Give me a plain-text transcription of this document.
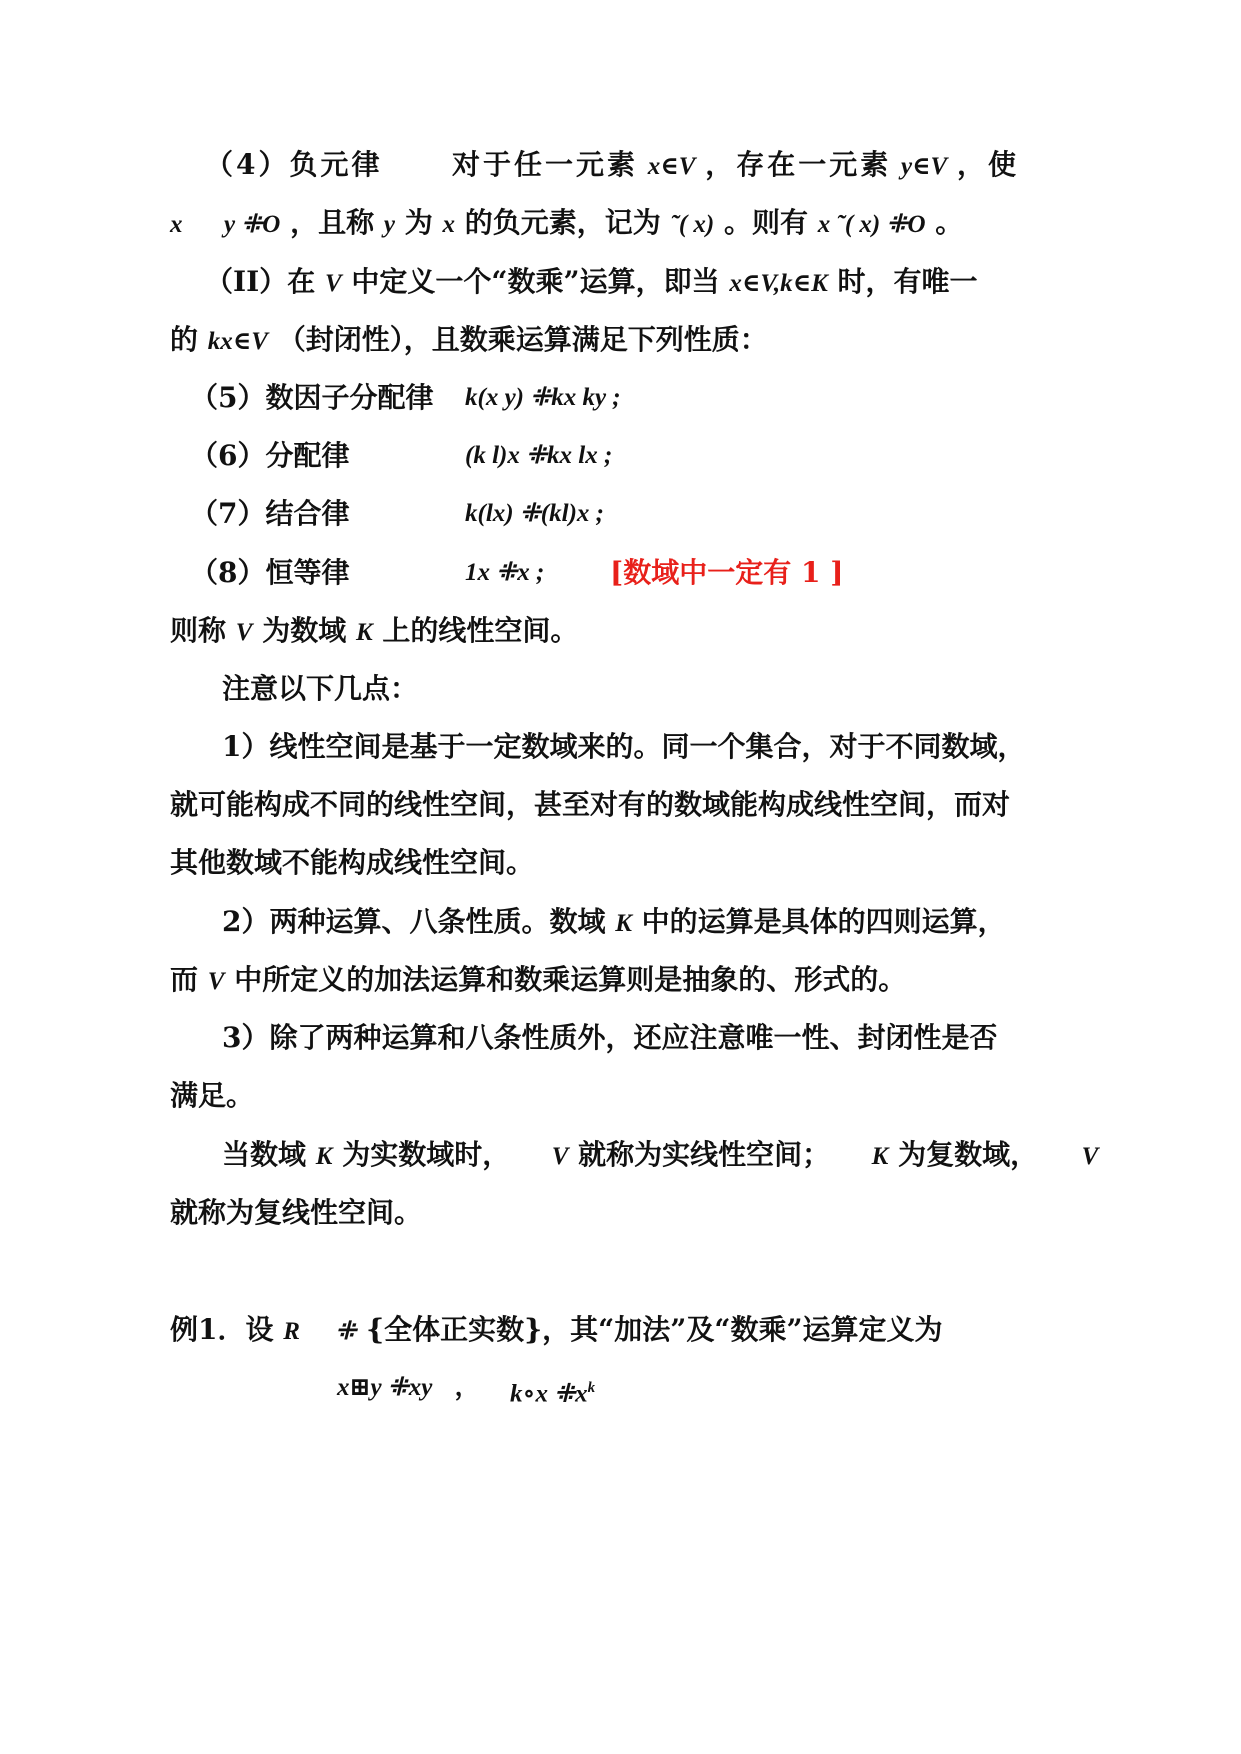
（4）负元律 对于任一元素 x∈V ，存在一元素 y∈V ，使
x y ⁜O ，且称 y 为 x 的负元素，记为 ˜( x) 。则有 x ˜( x) ⁜O 。
（II）在 V 中定义一个“数乘”运算，即当 x∈V,k∈K 时，有唯一
的 kx∈V （封闭性），且数乘运算满足下列性质：
（5）数因子分配律 k(x y) ⁜kx ky ;
（6）分配律	(k l)x ⁜kx lx ;
（7）结合律	k(lx) ⁜(kl)x ;
（8）恒等律	1x ⁜x ; [数域中一定有 1 ]
则称 V 为数域 K 上的线性空间。
注意以下几点：
1）线性空间是基于一定数域来的。同一个集合，对于不同数域，
就可能构成不同的线性空间，甚至对有的数域能构成线性空间，而对
其他数域不能构成线性空间。
2）两种运算、八条性质。数域 K 中的运算是具体的四则运算，
而 V 中所定义的加法运算和数乘运算则是抽象的、形式的。
3）除了两种运算和八条性质外，还应注意唯一性、封闭性是否
满足。
当数域 K 为实数域时， V 就称为实线性空间； K 为复数域， V
就称为复线性空间。
例1．设 R ⁜ {全体正实数}，其“加法”及“数乘”运算定义为
x⊞y ⁜xy ， k∘x $⁜x^k$
